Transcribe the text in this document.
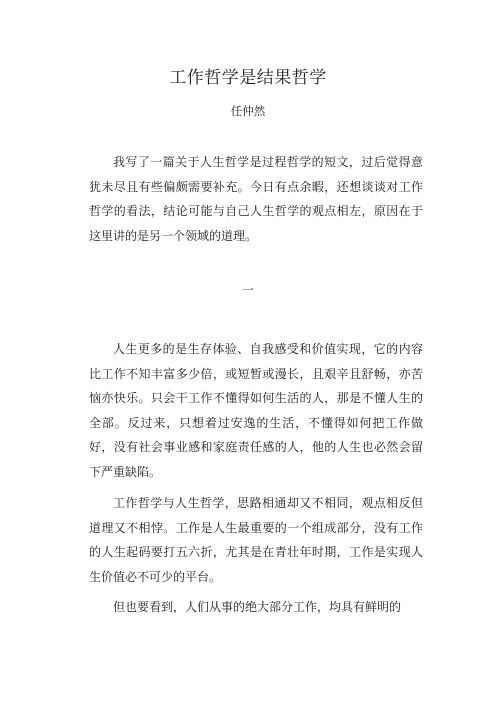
工作哲学是结果哲学
任仲然

我写了一篇关于人生哲学是过程哲学的短文，过后觉得意犹未尽且有些偏颇需要补充。今日有点余暇，还想谈谈对工作哲学的看法，结论可能与自己人生哲学的观点相左，原因在于这里讲的是另一个领域的道理。

一

人生更多的是生存体验、自我感受和价值实现，它的内容比工作不知丰富多少倍，或短暂或漫长，且艰辛且舒畅，亦苦恼亦快乐。只会干工作不懂得如何生活的人，那是不懂人生的全部。反过来，只想着过安逸的生活，不懂得如何把工作做好，没有社会事业感和家庭责任感的人，他的人生也必然会留下严重缺陷。

工作哲学与人生哲学，思路相通却又不相同，观点相反但道理又不相悖。工作是人生最重要的一个组成部分，没有工作的人生起码要打五六折，尤其是在青壮年时期，工作是实现人生价值必不可少的平台。

但也要看到，人们从事的绝大部分工作，均具有鲜明的
